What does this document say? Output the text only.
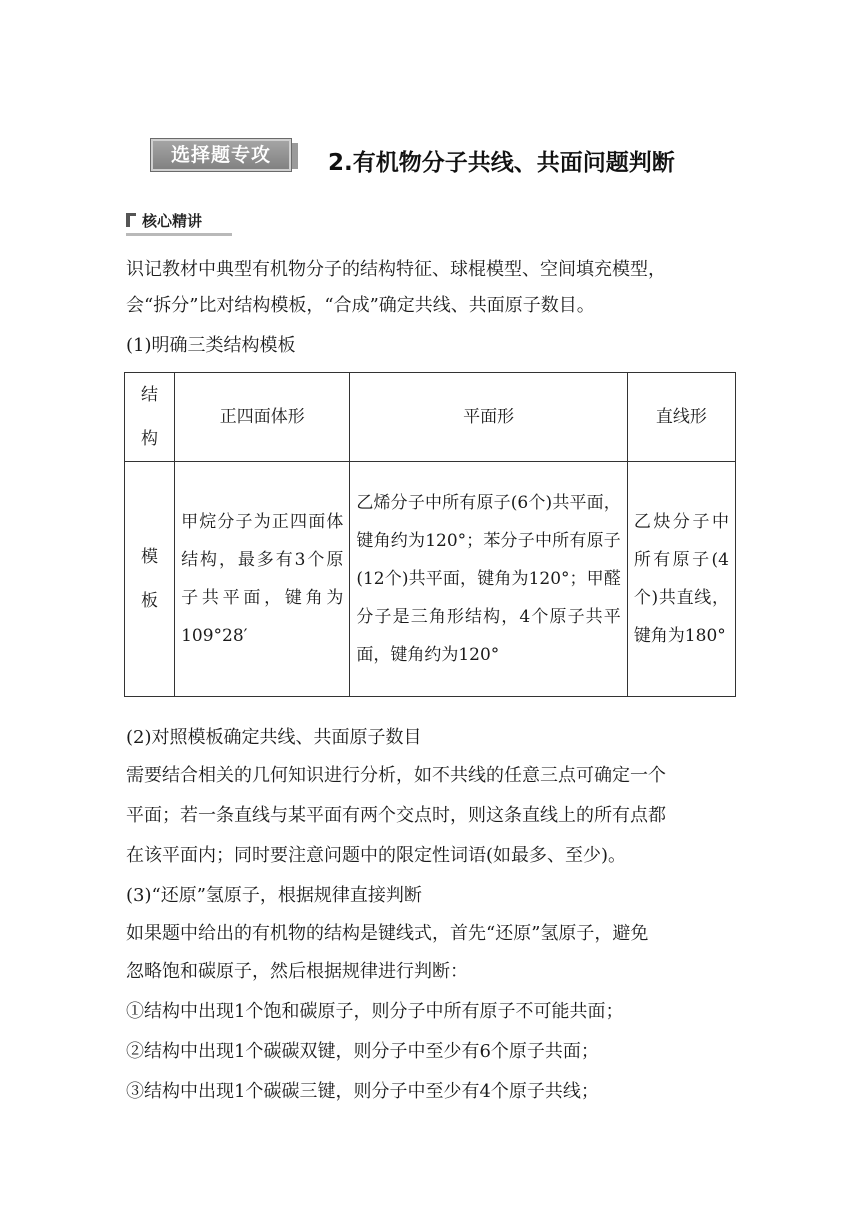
选择题专攻	2.有机物分子共线、共面问题判断
核心精讲
识记教材中典型有机物分子的结构特征、球棍模型、空间填充模型，
会“拆分”比对结构模板，“合成”确定共线、共面原子数目。
(1)明确三类结构模板
结构	正四面体形	平面形	直线形
模板	甲烷分子为正四面体结构，最多有3个原子共平面，键角为109°28′	乙烯分子中所有原子(6个)共平面，键角约为120°；苯分子中所有原子(12个)共平面，键角为120°；甲醛分子是三角形结构，4个原子共平面，键角约为120°	乙炔分子中所有原子(4个)共直线，键角为180°
(2)对照模板确定共线、共面原子数目
需要结合相关的几何知识进行分析，如不共线的任意三点可确定一个
平面；若一条直线与某平面有两个交点时，则这条直线上的所有点都
在该平面内；同时要注意问题中的限定性词语(如最多、至少)。
(3)“还原”氢原子，根据规律直接判断
如果题中给出的有机物的结构是键线式，首先“还原”氢原子，避免
忽略饱和碳原子，然后根据规律进行判断：
①结构中出现1个饱和碳原子，则分子中所有原子不可能共面；
②结构中出现1个碳碳双键，则分子中至少有6个原子共面；
③结构中出现1个碳碳三键，则分子中至少有4个原子共线；
